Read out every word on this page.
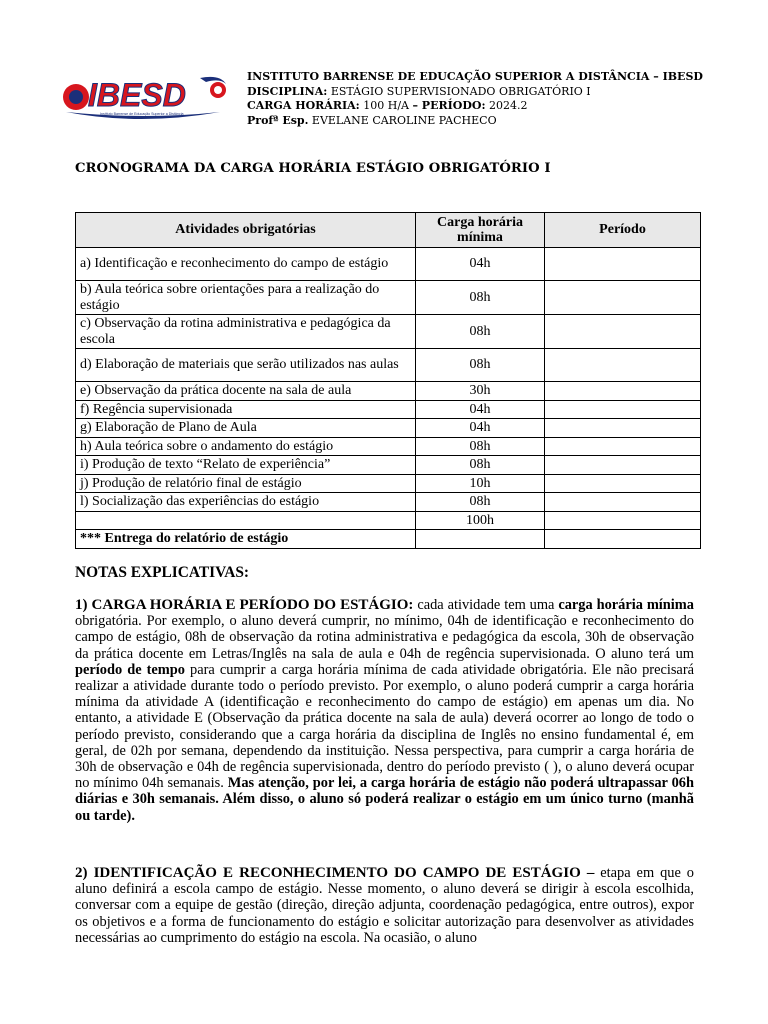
IBESD
Instituto Barrense de Educação Superior a Distância
INSTITUTO BARRENSE DE EDUCAÇÃO SUPERIOR A DISTÂNCIA – IBESD
DISCIPLINA: ESTÁGIO SUPERVISIONADO OBRIGATÓRIO I
CARGA HORÁRIA: 100 H/A – PERÍODO: 2024.2
Profª Esp. EVELANE CAROLINE PACHECO
CRONOGRAMA DA CARGA HORÁRIA ESTÁGIO OBRIGATÓRIO I
Atividades obrigatórias	Carga horária mínima	Período
a) Identificação e reconhecimento do campo de estágio	04h	
b) Aula teórica sobre orientações para a realização do estágio	08h	
c) Observação da rotina administrativa e pedagógica da escola	08h	
d) Elaboração de materiais que serão utilizados nas aulas	08h	
e) Observação da prática docente na sala de aula	30h	
f) Regência supervisionada	04h	
g) Elaboração de Plano de Aula	04h	
h) Aula teórica sobre o andamento do estágio	08h	
i) Produção de texto “Relato de experiência”	08h	
j) Produção de relatório final de estágio	10h	
l) Socialização das experiências do estágio	08h	
	100h	
*** Entrega do relatório de estágio		
NOTAS EXPLICATIVAS:
1) CARGA HORÁRIA E PERÍODO DO ESTÁGIO: cada atividade tem uma carga horária mínima obrigatória. Por exemplo, o aluno deverá cumprir, no mínimo, 04h de identificação e reconhecimento do campo de estágio, 08h de observação da rotina administrativa e pedagógica da escola, 30h de observação da prática docente em Letras/Inglês na sala de aula e 04h de regência supervisionada. O aluno terá um período de tempo para cumprir a carga horária mínima de cada atividade obrigatória. Ele não precisará realizar a atividade durante todo o período previsto. Por exemplo, o aluno poderá cumprir a carga horária mínima da atividade A (identificação e reconhecimento do campo de estágio) em apenas um dia. No entanto, a atividade E (Observação da prática docente na sala de aula) deverá ocorrer ao longo de todo o período previsto, considerando que a carga horária da disciplina de Inglês no ensino fundamental é, em geral, de 02h por semana, dependendo da instituição. Nessa perspectiva, para cumprir a carga horária de 30h de observação e 04h de regência supervisionada, dentro do período previsto ( ), o aluno deverá ocupar no mínimo 04h semanais. Mas atenção, por lei, a carga horária de estágio não poderá ultrapassar 06h diárias e 30h semanais. Além disso, o aluno só poderá realizar o estágio em um único turno (manhã ou tarde).
2) IDENTIFICAÇÃO E RECONHECIMENTO DO CAMPO DE ESTÁGIO – etapa em que o aluno definirá a escola campo de estágio. Nesse momento, o aluno deverá se dirigir à escola escolhida, conversar com a equipe de gestão (direção, direção adjunta, coordenação pedagógica, entre outros), expor os objetivos e a forma de funcionamento do estágio e solicitar autorização para desenvolver as atividades necessárias ao cumprimento do estágio na escola. Na ocasião, o aluno
